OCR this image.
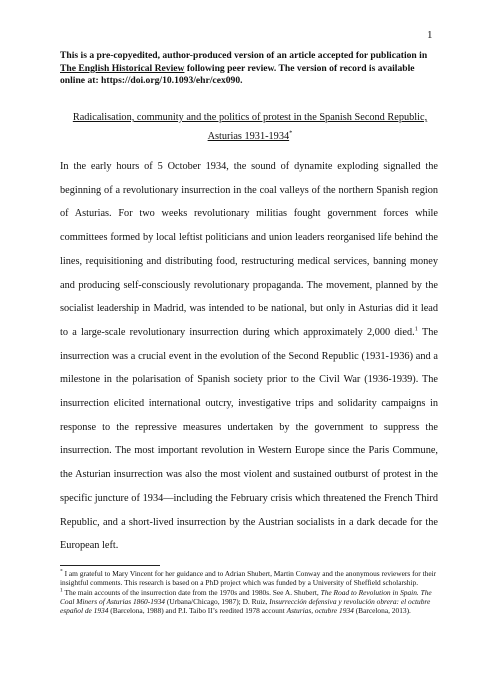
1
This is a pre-copyedited, author-produced version of an article accepted for publication in The English Historical Review following peer review. The version of record is available online at: https://doi.org/10.1093/ehr/cex090.
Radicalisation, community and the politics of protest in the Spanish Second Republic,
Asturias 1931-1934*

In the early hours of 5 October 1934, the sound of dynamite exploding signalled the beginning of a revolutionary insurrection in the coal valleys of the northern Spanish region of Asturias. For two weeks revolutionary militias fought government forces while committees formed by local leftist politicians and union leaders reorganised life behind the lines, requisitioning and distributing food, restructuring medical services, banning money and producing self-consciously revolutionary propaganda. The movement, planned by the socialist leadership in Madrid, was intended to be national, but only in Asturias did it lead to a large-scale revolutionary insurrection during which approximately 2,000 died.$^1$ The insurrection was a crucial event in the evolution of the Second Republic (1931-1936) and a milestone in the polarisation of Spanish society prior to the Civil War (1936-1939). The insurrection elicited international outcry, investigative trips and solidarity campaigns in response to the repressive measures undertaken by the government to suppress the insurrection. The most important revolution in Western Europe since the Paris Commune, the Asturian insurrection was also the most violent and sustained outburst of protest in the specific juncture of 1934—including the February crisis which threatened the French Third Republic, and a short-lived insurrection by the Austrian socialists in a dark decade for the European left.

* I am grateful to Mary Vincent for her guidance and to Adrian Shubert, Martin Conway and the anonymous reviewers for their insightful comments. This research is based on a PhD project which was funded by a University of Sheffield scholarship.

$^1$ The main accounts of the insurrection date from the 1970s and 1980s. See A. Shubert, The Road to Revolution in Spain. The Coal Miners of Asturias 1860-1934 (Urbana/Chicago, 1987); D. Ruiz, Insurrección defensiva y revolución obrera: el octubre español de 1934 (Barcelona, 1988) and P.I. Taibo II’s reedited 1978 account Asturias, octubre 1934 (Barcelona, 2013).
